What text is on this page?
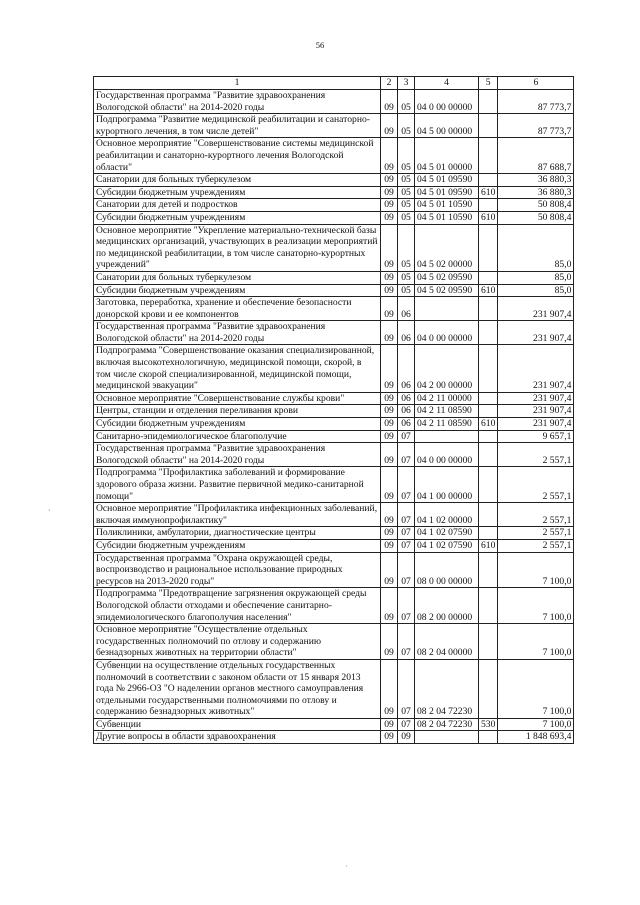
56
1	2	3	4	5	6
Государственная программа "Развитие здравоохранения Вологодской области" на 2014-2020 годы	09	05	04 0 00 00000		87 773,7
Подпрограмма "Развитие медицинской реабилитации и санаторно-курортного лечения, в том числе детей"	09	05	04 5 00 00000		87 773,7
Основное мероприятие "Совершенствование системы медицинской реабилитации и санаторно-курортного лечения Вологодской области"	09	05	04 5 01 00000		87 688,7
Санатории для больных туберкулезом	09	05	04 5 01 09590		36 880,3
Субсидии бюджетным учреждениям	09	05	04 5 01 09590	610	36 880,3
Санатории для детей и подростков	09	05	04 5 01 10590		50 808,4
Субсидии бюджетным учреждениям	09	05	04 5 01 10590	610	50 808,4
Основное мероприятие "Укрепление материально-технической базы медицинских организаций, участвующих в реализации мероприятий по медицинской реабилитации, в том числе санаторно-курортных учреждений"	09	05	04 5 02 00000		85,0
Санатории для больных туберкулезом	09	05	04 5 02 09590		85,0
Субсидии бюджетным учреждениям	09	05	04 5 02 09590	610	85,0
Заготовка, переработка, хранение и обеспечение безопасности донорской крови и ее компонентов	09	06			231 907,4
Государственная программа "Развитие здравоохранения Вологодской области" на 2014-2020 годы	09	06	04 0 00 00000		231 907,4
Подпрограмма "Совершенствование оказания специализированной, включая высокотехнологичную, медицинской помощи, скорой, в том числе скорой специализированной, медицинской помощи, медицинской эвакуации"	09	06	04 2 00 00000		231 907,4
Основное мероприятие "Совершенствование службы крови"	09	06	04 2 11 00000		231 907,4
Центры, станции и отделения переливания крови	09	06	04 2 11 08590		231 907,4
Субсидии бюджетным учреждениям	09	06	04 2 11 08590	610	231 907,4
Санитарно-эпидемиологическое благополучие	09	07			9 657,1
Государственная программа "Развитие здравоохранения Вологодской области" на 2014-2020 годы	09	07	04 0 00 00000		2 557,1
Подпрограмма "Профилактика заболеваний и формирование здорового образа жизни. Развитие первичной медико-санитарной помощи"	09	07	04 1 00 00000		2 557,1
Основное мероприятие "Профилактика инфекционных заболеваний, включая иммунопрофилактику"	09	07	04 1 02 00000		2 557,1
Поликлиники, амбулатории, диагностические центры	09	07	04 1 02 07590		2 557,1
Субсидии бюджетным учреждениям	09	07	04 1 02 07590	610	2 557,1
Государственная программа "Охрана окружающей среды, воспроизводство и рациональное использование природных ресурсов на 2013-2020 годы"	09	07	08 0 00 00000		7 100,0
Подпрограмма "Предотвращение загрязнения окружающей среды Вологодской области отходами и обеспечение санитарно-эпидемиологического благополучия населения"	09	07	08 2 00 00000		7 100,0
Основное мероприятие "Осуществление отдельных государственных полномочий по отлову и содержанию безнадзорных животных на территории области"	09	07	08 2 04 00000		7 100,0
Субвенции на осуществление отдельных государственных полномочий в соответствии с законом области от 15 января 2013 года № 2966-ОЗ "О наделении органов местного самоуправления отдельными государственными полномочиями по отлову и содержанию безнадзорных животных"	09	07	08 2 04 72230		7 100,0
Субвенции	09	07	08 2 04 72230	530	7 100,0
Другие вопросы в области здравоохранения	09	09			1 848 693,4
·
·
